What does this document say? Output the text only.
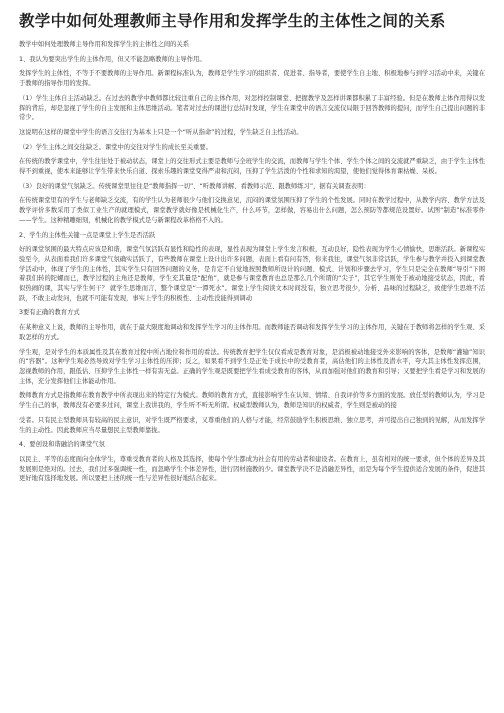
教学中如何处理教师主导作用和发挥学生的主体性之间的关系

教学中如何处理教师主导作用和发挥学生的主体性之间的关系

1、我认为要突出学生的主体作用，但又不能忽略教师的主导作用。

发挥学生的主体性，不等于不要教师的主导作用。新课程标准认为，教师是学生学习的组织者、促进者、指导者，要使学生自主地、积极地参与到学习活动中来，关键在于教师的指导作用的发挥。

（1）学生主体自主活动缺乏。在过去的教学中教师都比较注重自己的主体作用，对怎样控制课堂、把握教学及怎样讲课都积累了丰富经验。但是在教师主体作用得以发挥的背后，却是忽视了学生的自主发展和主体思维活动。笔者对过去的课进行总结时发现，学生在课堂中的语言交流仅局限于回答教师的提问，而学生自己提出问题的非常少。

这说明在这样的课堂中学生的语言交往行为基本上只是一个“听从指命”的过程，学生缺乏自主性活动。

（2）学生主体之间交往缺乏。课堂中的交往对学生的成长至关重要。

在传统的教学课堂中，学生往往处于被动状态，课堂上的交往形式主要是教师与全班学生的交流，而教师与学生个体、学生个体之间的交流就严重缺乏，由于学生主体性得不到重视，使本来能够让学生带来快乐自道、探索乐趣的课堂变得严肃和沉闷，压抑了学生活泼的个性和求知的渴望，使他们觉得体育课枯燥、呆板。

（3）良好的课堂气氛缺乏。传统课堂里往往是“教师指挥一切”、“听教师讲解、看教师示范、跟教师练习”，据有关调查表明：

在传统课堂里有的学生与老师缺乏交流，有的学生认为老师很少与他们交换意见，沉闷的课堂氛围压抑了学生的个性发展。同时在教学过程中，从教学内容、教学方法及教学评价多数采用了类似工业生产的就理模式，课堂教学就好像是机械化生产，什么环节，怎样做，容易出什么问题，怎么预防等都规范设置好。试图“制造”标准零件——学生。这种精雕细刻，机械化的教学模式是与新课程改革格格不入的。

2、学生的主体性关键一点是课堂上学生是否活跃

好的课堂氛围的最大特点应该是和谐，课堂气氛活跃有显性和隐性的表现，显性表现为课堂上学生发言积极，互动良好，隐性表现为学生心情愉快，思维活跃。新课程实验至今，从表面看我们许多课堂气氛确实活跃了，有些教师在课堂上设计出许多问题，表面上看有问有答，你来我往，课堂气氛非常活跃，学生参与教学并投入到课堂教学活动中，体现了学生的主体性，其实学生只有回答问题的义务，是肯定不自觉地按照教师所设计的问题、模式、计划和步骤去学习，学生只是完全在教师“导引”下围着我们转的陀螺而已，教学过程的主角还是教师，学生充其量是“配角”，就是参与课堂教育也总是那么几个所谓的“尖子”，其它学生则处于被动地接受状态，因此，看似热闹的课，其实与学生何干？ 就学生思维而言，整个课堂是“一潭死水”。课堂上学生阅读文本时间没有，独立思考很少，分析、品味的过程缺乏，致使学生思维不活跃，不敢主动发问，也就不可能有发现，事实上学生的积极性、主动性没能得到调动

3要有正确的教育方式

在某种意义上说，教师的主导作用，就在于最大限度地调动和发挥学生学习的主体作用。而教师能否调动和发挥学生学习的主体作用，关键在于教师将怎样的学生观、采取怎样的方式。

学生观，是对学生的本质属性及其在教育过程中所占地位和作用的看法。传统教育把学生仅仅看成是教育对象，是消极被动地接受外来影响的客体，是数师“灌输”知识的“容器”。这种学生观必然导致对学生学习主体性的压抑；反之，如果看不到学生是正处于成长中的受教育者，高估他们的主体性及潜水平，夸大其主体性发挥范围，忽视教师的作用，跟低估、压抑学生主体性一样有害无益。正确的学生观是既要把学生看成受教育的客体，从而加强对他们的教育和引导；又要把学生看是学习和发展的主体，充分发挥他们主体能动作用。

教师教育方式是指教师在教育教学中所表现出来的特定行为模式。教师的教育方式，直接影响学生在认知、情绪、自我评价等多方面的发展。放任型的教师认为，学习是学生自己的事，教师没有必要多过问，课堂上我讲我的，学生听不听无所谓。权威型教师认为，教师是知识的权威者，学生则是被动的接

受者。只有民主型教师具有较高的民主意识，对学生既严格要求，又尊重他们的人格与才能，经常鼓励学生积极思维、独立思考，并可提出自己独到的见解，从而发挥学生的主动性。因此教师应当尽量想民主型教师靠拢。

4、要创设和谐融洽的课堂气氛

以民主、平等的态度面向全体学生，尊重受教育者的人格及其选择，使每个学生都成为社会有用的劳动者和建设者。在教育上，虽有相对的统一要求，但个体的差异及其发展则是绝对的。过去，我们过多强调统一性，而忽略学生个体差异性，进行因材施教的少。课堂教学决不是消融差异性，而是为每个学生提供适合发展的条件，促进其更好地有选择地发展。所以要把上述的统一性与差异性很好地结合起来。
